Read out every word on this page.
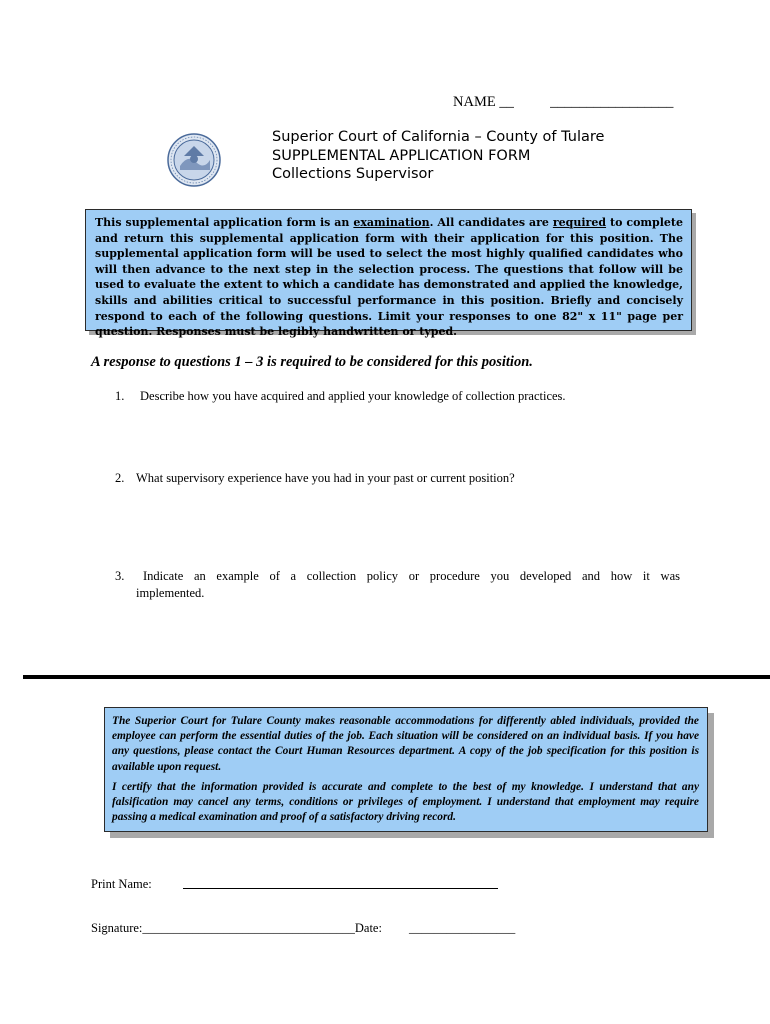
NAME __          _________________
Superior Court of California – County of Tulare
SUPPLEMENTAL APPLICATION FORM
Collections Supervisor
This supplemental application form is an examination. All candidates are required to complete and return this supplemental application form with their application for this position. The supplemental application form will be used to select the most highly qualified candidates who will then advance to the next step in the selection process. The questions that follow will be used to evaluate the extent to which a candidate has demonstrated and applied the knowledge, skills and abilities critical to successful performance in this position. Briefly and concisely respond to each of the following questions. Limit your responses to one 82" x 11" page per question. Responses must be legibly handwritten or typed.
A response to questions 1 – 3 is required to be considered for this position.
1. Describe how you have acquired and applied your knowledge of collection practices.
2. What supervisory experience have you had in your past or current position?
3.	Indicate an example of a collection policy or procedure you developed and how it was
implemented.

The Superior Court for Tulare County makes reasonable accommodations for differently abled individuals, provided the employee can perform the essential duties of the job. Each situation will be considered on an individual basis. If you have any questions, please contact the Court Human Resources department. A copy of the job specification for this position is available upon request.

I certify that the information provided is accurate and complete to the best of my knowledge. I understand that any falsification may cancel any terms, conditions or privileges of employment. I understand that employment may require passing a medical examination and proof of a satisfactory driving record.

Print Name:
Signature:__________________________________Date: _________________
